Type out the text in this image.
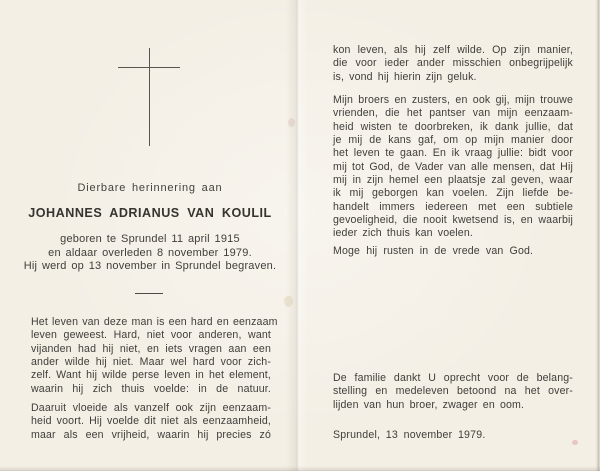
Dierbare herinnering aan
JOHANNES ADRIANUS VAN KOULIL
geboren te Sprundel 11 april 1915
en aldaar overleden 8 november 1979.
Hij werd op 13 november in Sprundel begraven.
Het leven van deze man is een hard en eenzaam
leven geweest. Hard, niet voor anderen, want
vijanden had hij niet, en iets vragen aan een
ander wilde hij niet. Maar wel hard voor zich-
zelf. Want hij wilde perse leven in het element,
waarin hij zich thuis voelde: in de natuur.
Daaruit vloeide als vanzelf ook zijn eenzaam-
heid voort. Hij voelde dit niet als eenzaamheid,
maar als een vrijheid, waarin hij precies zó
kon leven, als hij zelf wilde. Op zijn manier,
die voor ieder ander misschien onbegrijpelijk
is, vond hij hierin zijn geluk.
Mijn broers en zusters, en ook gij, mijn trouwe
vrienden, die het pantser van mijn eenzaam-
heid wisten te doorbreken, ik dank jullie, dat
je mij de kans gaf, om op mijn manier door
het leven te gaan. En ik vraag jullie: bidt voor
mij tot God, de Vader van alle mensen, dat Hij
mij in zijn hemel een plaatsje zal geven, waar
ik mij geborgen kan voelen. Zijn liefde be-
handelt immers iedereen met een subtiele
gevoeligheid, die nooit kwetsend is, en waarbij
ieder zich thuis kan voelen.
Moge hij rusten in de vrede van God.
De familie dankt U oprecht voor de belang-
stelling en medeleven betoond na het over-
lijden van hun broer, zwager en oom.
Sprundel, 13 november 1979.
